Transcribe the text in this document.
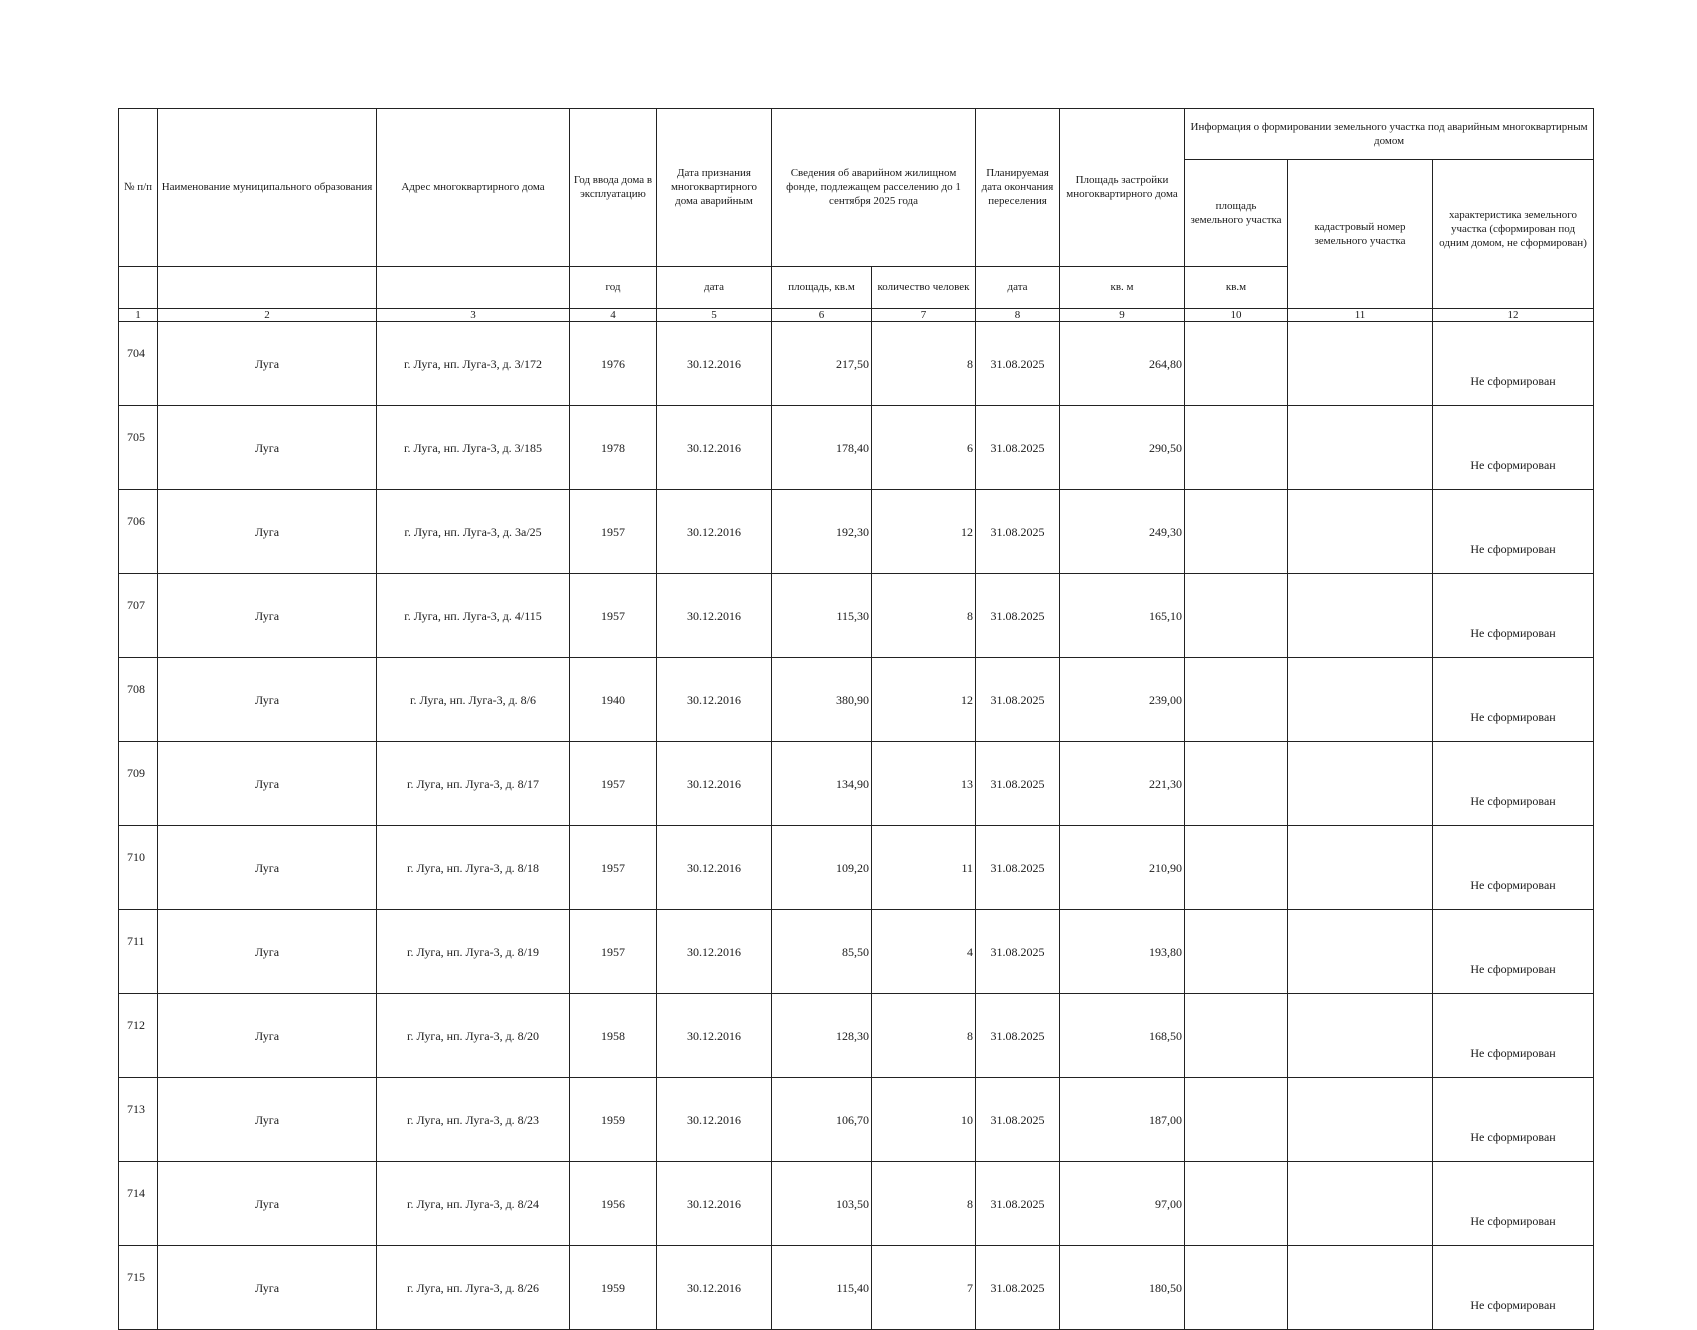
№ п/п	Наименование муниципального образования	Адрес многоквартирного дома	Год ввода дома в эксплуатацию	Дата признания многоквартирного дома аварийным	Сведения об аварийном жилищном фонде, подлежащем расселению до 1 сентября 2025 года		Планируемая дата окончания переселения	Площадь застройки многоквартирного дома	Информация о формировании земельного участка под аварийным многоквартирным домом		
									площадь земельного участка	кадастровый номер земельного участка	характеристика земельного участка (сформирован под одним домом, не сформирован)
			год	дата	площадь, кв.м	количество человек	дата	кв. м	кв.м		
1	2	3	4	5	6	7	8	9	10	11	12
704	Луга	г. Луга, нп. Луга-3, д. 3/172	1976	30.12.2016	217,50	8	31.08.2025	264,80			Не сформирован
705	Луга	г. Луга, нп. Луга-3, д. 3/185	1978	30.12.2016	178,40	6	31.08.2025	290,50			Не сформирован
706	Луга	г. Луга, нп. Луга-3, д. 3а/25	1957	30.12.2016	192,30	12	31.08.2025	249,30			Не сформирован
707	Луга	г. Луга, нп. Луга-3, д. 4/115	1957	30.12.2016	115,30	8	31.08.2025	165,10			Не сформирован
708	Луга	г. Луга, нп. Луга-3, д. 8/6	1940	30.12.2016	380,90	12	31.08.2025	239,00			Не сформирован
709	Луга	г. Луга, нп. Луга-3, д. 8/17	1957	30.12.2016	134,90	13	31.08.2025	221,30			Не сформирован
710	Луга	г. Луга, нп. Луга-3, д. 8/18	1957	30.12.2016	109,20	11	31.08.2025	210,90			Не сформирован
711	Луга	г. Луга, нп. Луга-3, д. 8/19	1957	30.12.2016	85,50	4	31.08.2025	193,80			Не сформирован
712	Луга	г. Луга, нп. Луга-3, д. 8/20	1958	30.12.2016	128,30	8	31.08.2025	168,50			Не сформирован
713	Луга	г. Луга, нп. Луга-3, д. 8/23	1959	30.12.2016	106,70	10	31.08.2025	187,00			Не сформирован
714	Луга	г. Луга, нп. Луга-3, д. 8/24	1956	30.12.2016	103,50	8	31.08.2025	97,00			Не сформирован
715	Луга	г. Луга, нп. Луга-3, д. 8/26	1959	30.12.2016	115,40	7	31.08.2025	180,50			Не сформирован
